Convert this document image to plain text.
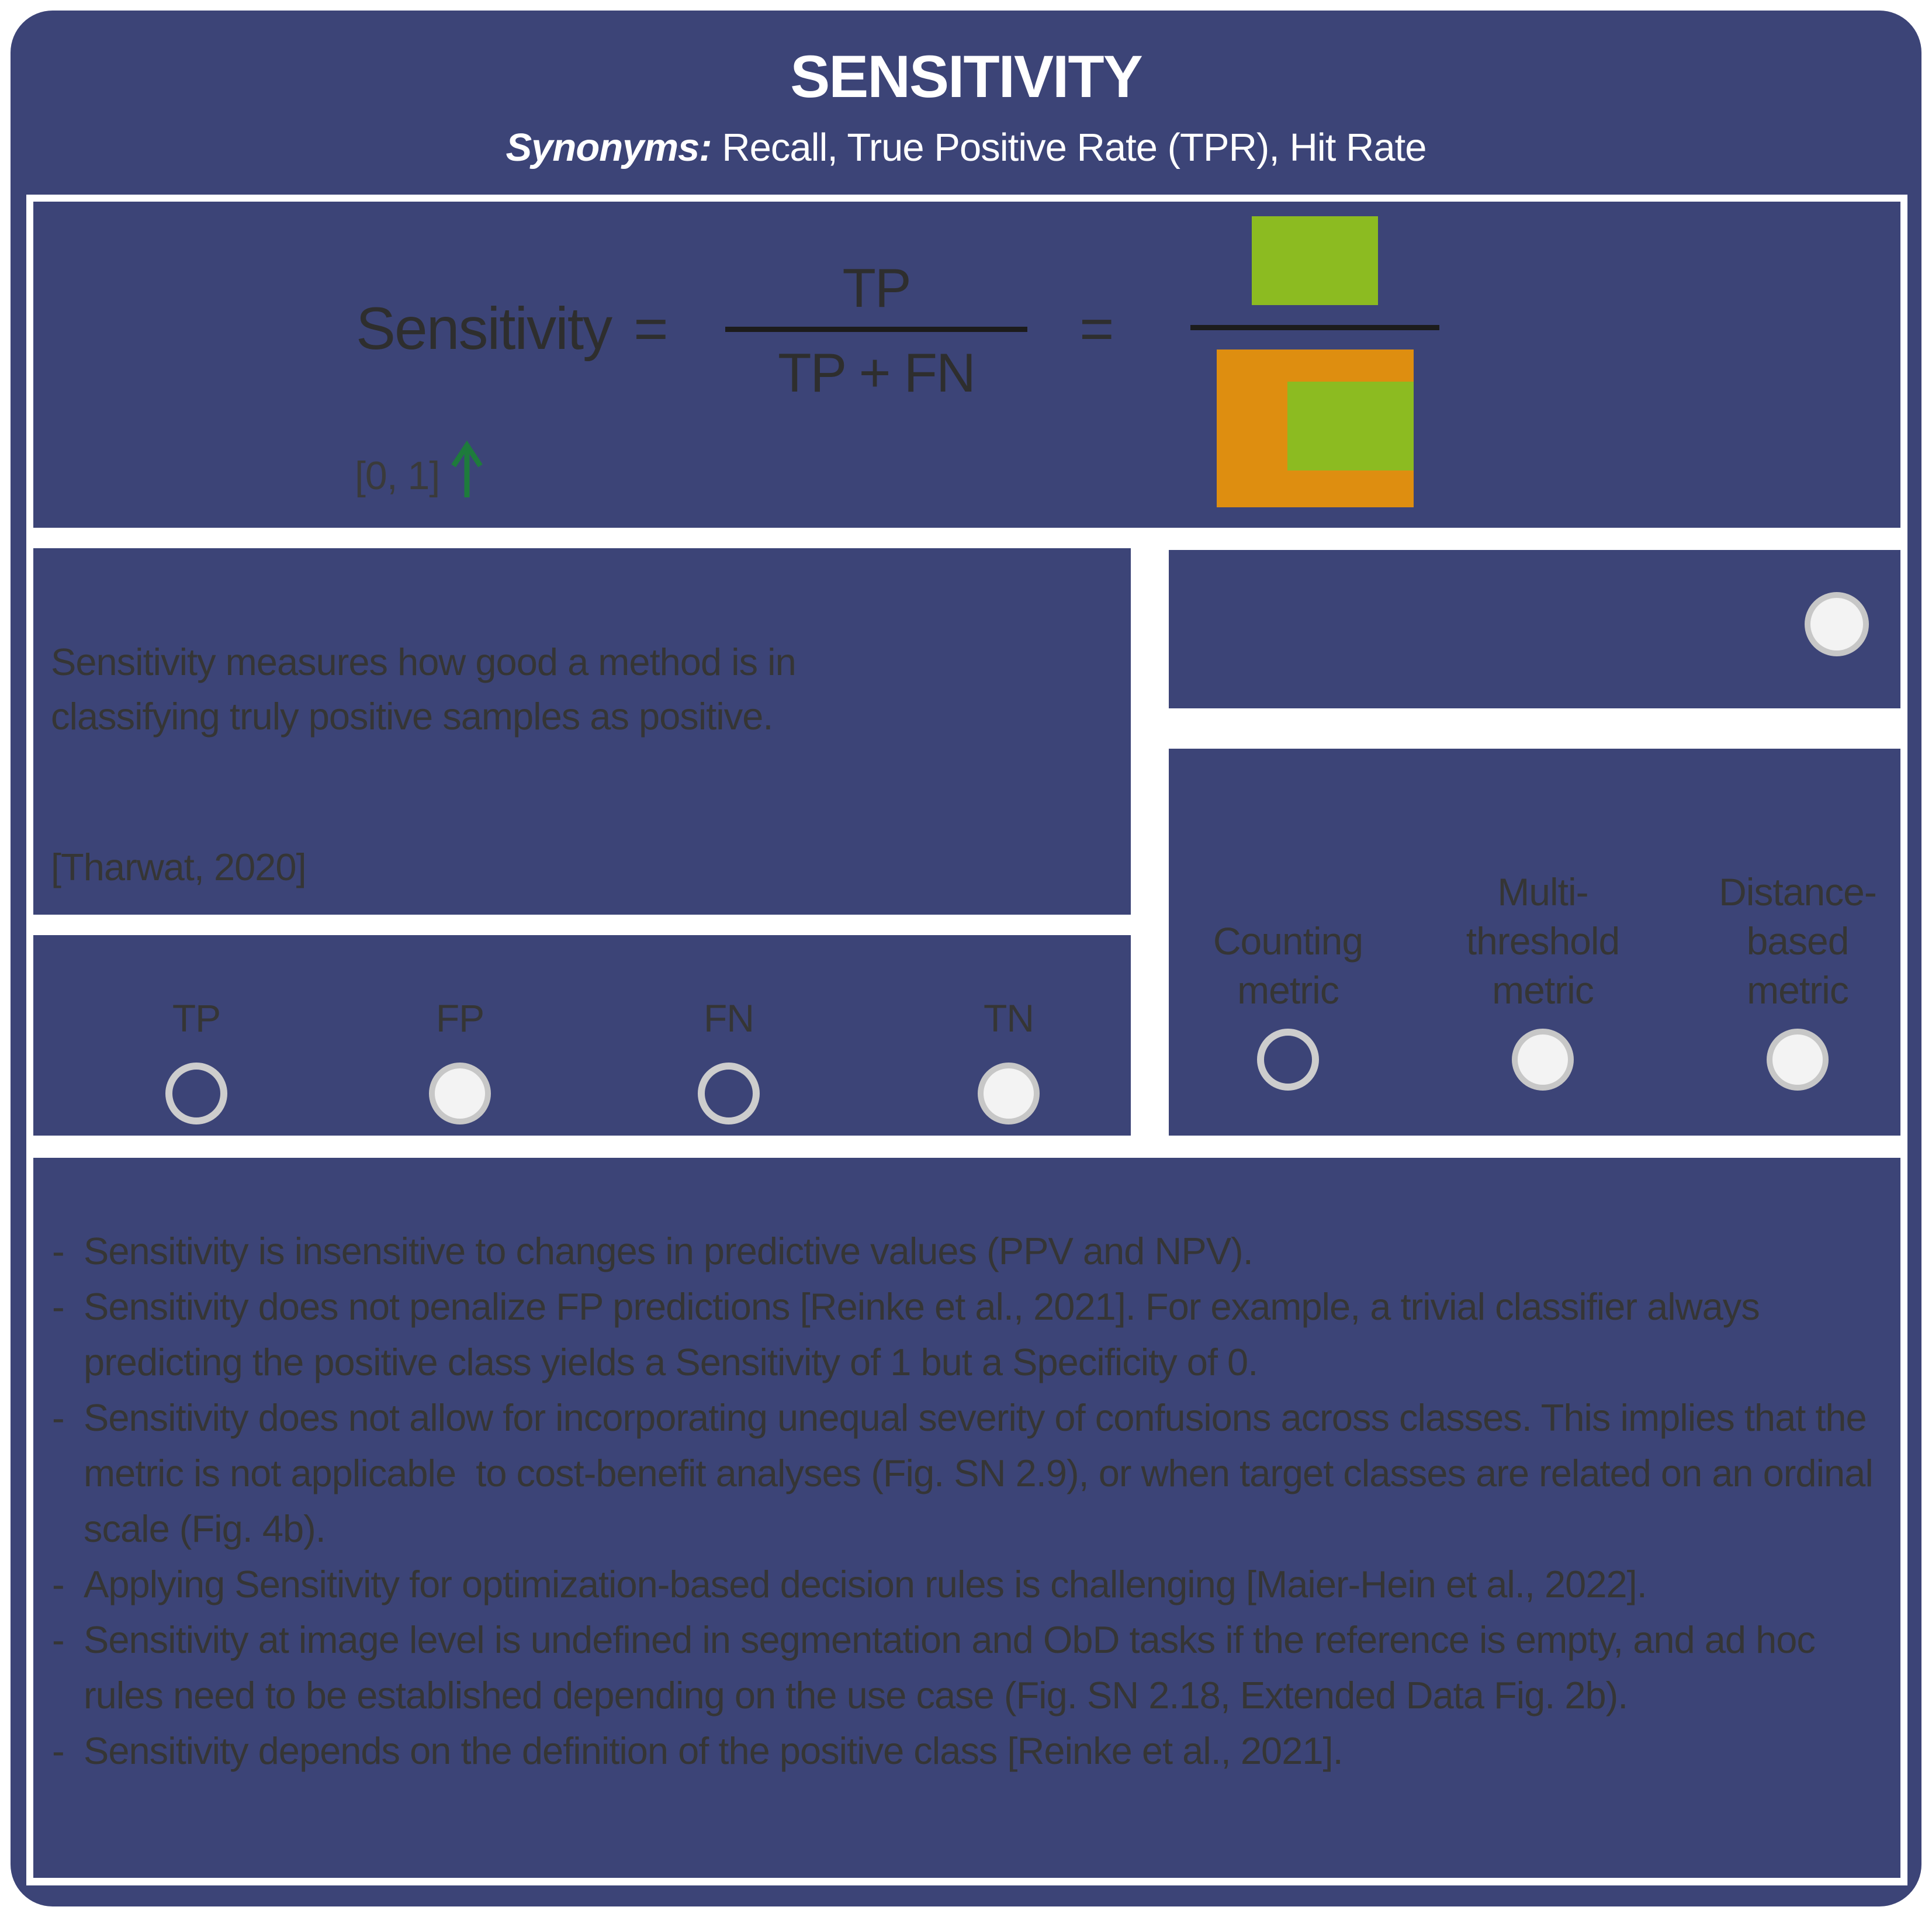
SENSITIVITY
Synonyms: Recall, True Positive Rate (TPR), Hit Rate
Sensitivity =
TP
TP + FN
=
[0, 1]
Sensitivity measures how good a method is in classifying truly positive samples as positive.
[Tharwat, 2020]
TP	FP	FN	TN
Counting
metric
Multi-
threshold
metric
Distance-
based
metric
- Sensitivity is insensitive to changes in predictive values (PPV and NPV).
- Sensitivity does not penalize FP predictions [Reinke et al., 2021]. For example, a trivial classifier always predicting the positive class yields a Sensitivity of 1 but a Specificity of 0.
- Sensitivity does not allow for incorporating unequal severity of confusions across classes. This implies that the metric is not applicable  to cost-benefit analyses (Fig. SN 2.9), or when target classes are related on an ordinal scale (Fig. 4b).
- Applying Sensitivity for optimization-based decision rules is challenging [Maier-Hein et al., 2022].
- Sensitivity at image level is undefined in segmentation and ObD tasks if the reference is empty, and ad hoc rules need to be established depending on the use case (Fig. SN 2.18, Extended Data Fig. 2b).
- Sensitivity depends on the definition of the positive class [Reinke et al., 2021].
